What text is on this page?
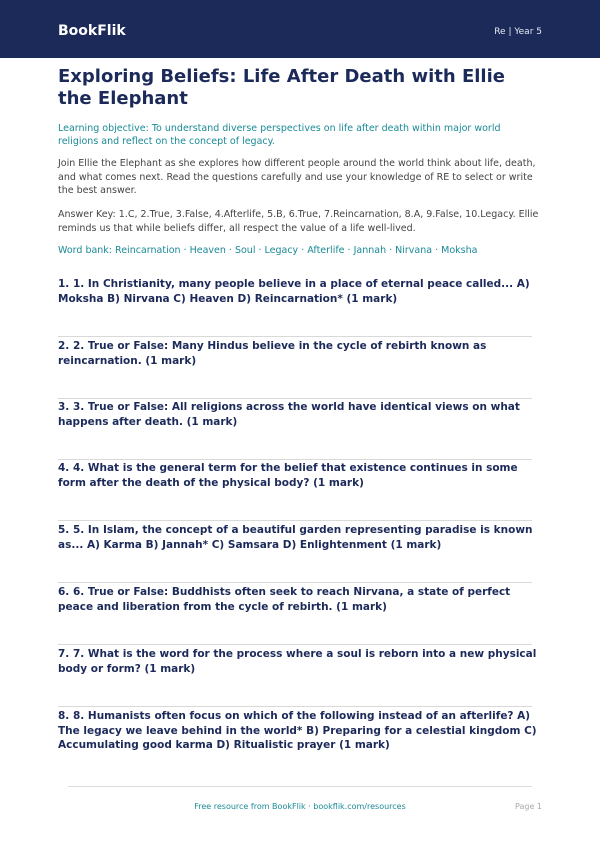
BookFlik	Re | Year 5
Exploring Beliefs: Life After Death with Ellie the Elephant
Learning objective: To understand diverse perspectives on life after death within major world religions and reflect on the concept of legacy.
Join Ellie the Elephant as she explores how different people around the world think about life, death, and what comes next. Read the questions carefully and use your knowledge of RE to select or write the best answer.
Answer Key: 1.C, 2.True, 3.False, 4.Afterlife, 5.B, 6.True, 7.Reincarnation, 8.A, 9.False, 10.Legacy. Ellie reminds us that while beliefs differ, all respect the value of a life well-lived.
Word bank: Reincarnation · Heaven · Soul · Legacy · Afterlife · Jannah · Nirvana · Moksha
1. 1. In Christianity, many people believe in a place of eternal peace called... A) Moksha B) Nirvana C) Heaven D) Reincarnation* (1 mark)
2. 2. True or False: Many Hindus believe in the cycle of rebirth known as reincarnation. (1 mark)
3. 3. True or False: All religions across the world have identical views on what happens after death. (1 mark)
4. 4. What is the general term for the belief that existence continues in some form after the death of the physical body? (1 mark)
5. 5. In Islam, the concept of a beautiful garden representing paradise is known as... A) Karma B) Jannah* C) Samsara D) Enlightenment (1 mark)
6. 6. True or False: Buddhists often seek to reach Nirvana, a state of perfect peace and liberation from the cycle of rebirth. (1 mark)
7. 7. What is the word for the process where a soul is reborn into a new physical body or form? (1 mark)
8. 8. Humanists often focus on which of the following instead of an afterlife? A) The legacy we leave behind in the world* B) Preparing for a celestial kingdom C) Accumulating good karma D) Ritualistic prayer (1 mark)
Free resource from BookFlik · bookflik.com/resources	Page 1
